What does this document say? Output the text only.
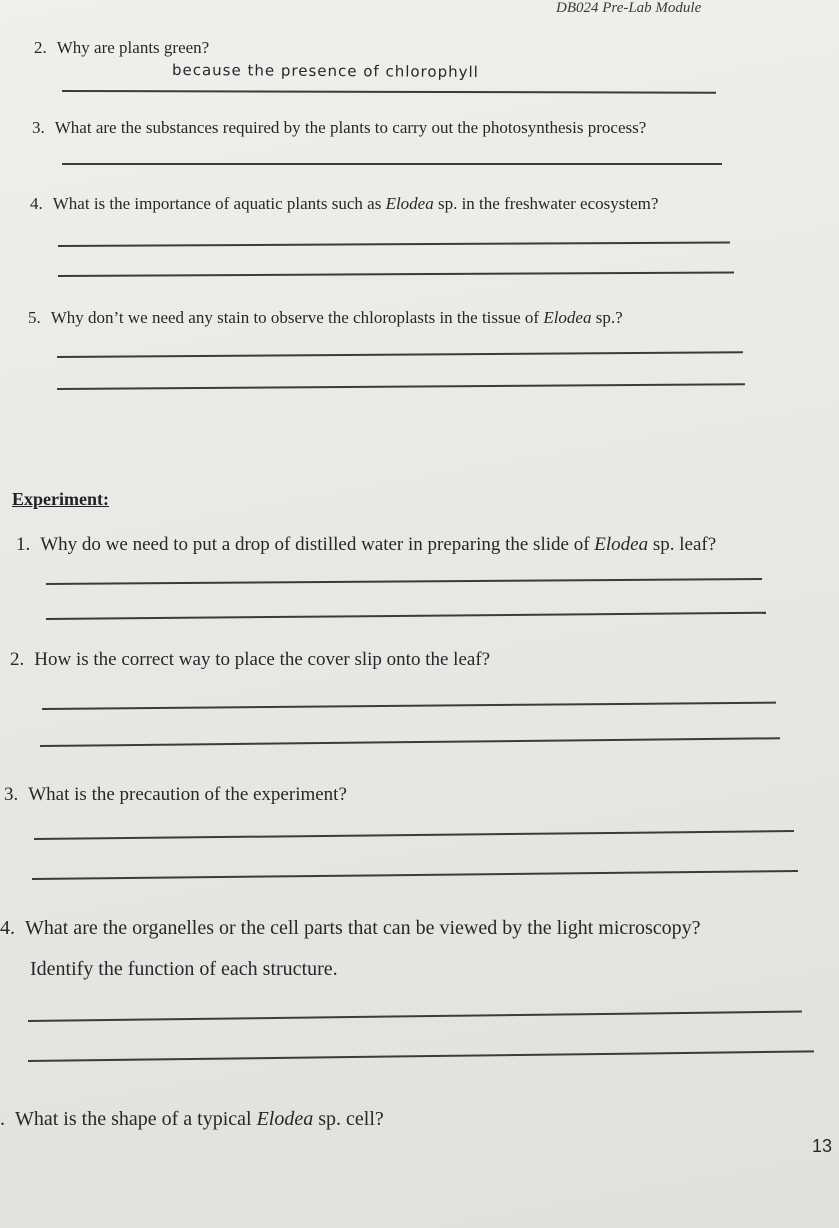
DB024 Pre-Lab Module
2. Why are plants green?
because the presence of chlorophyll
3. What are the substances required by the plants to carry out the photosynthesis process?
4. What is the importance of aquatic plants such as Elodea sp. in the freshwater ecosystem?
5. Why don’t we need any stain to observe the chloroplasts in the tissue of Elodea sp.?
Experiment:
1. Why do we need to put a drop of distilled water in preparing the slide of Elodea sp. leaf?
2. How is the correct way to place the cover slip onto the leaf?
3. What is the precaution of the experiment?
4. What are the organelles or the cell parts that can be viewed by the light microscopy?
Identify the function of each structure.
. What is the shape of a typical Elodea sp. cell?
13
